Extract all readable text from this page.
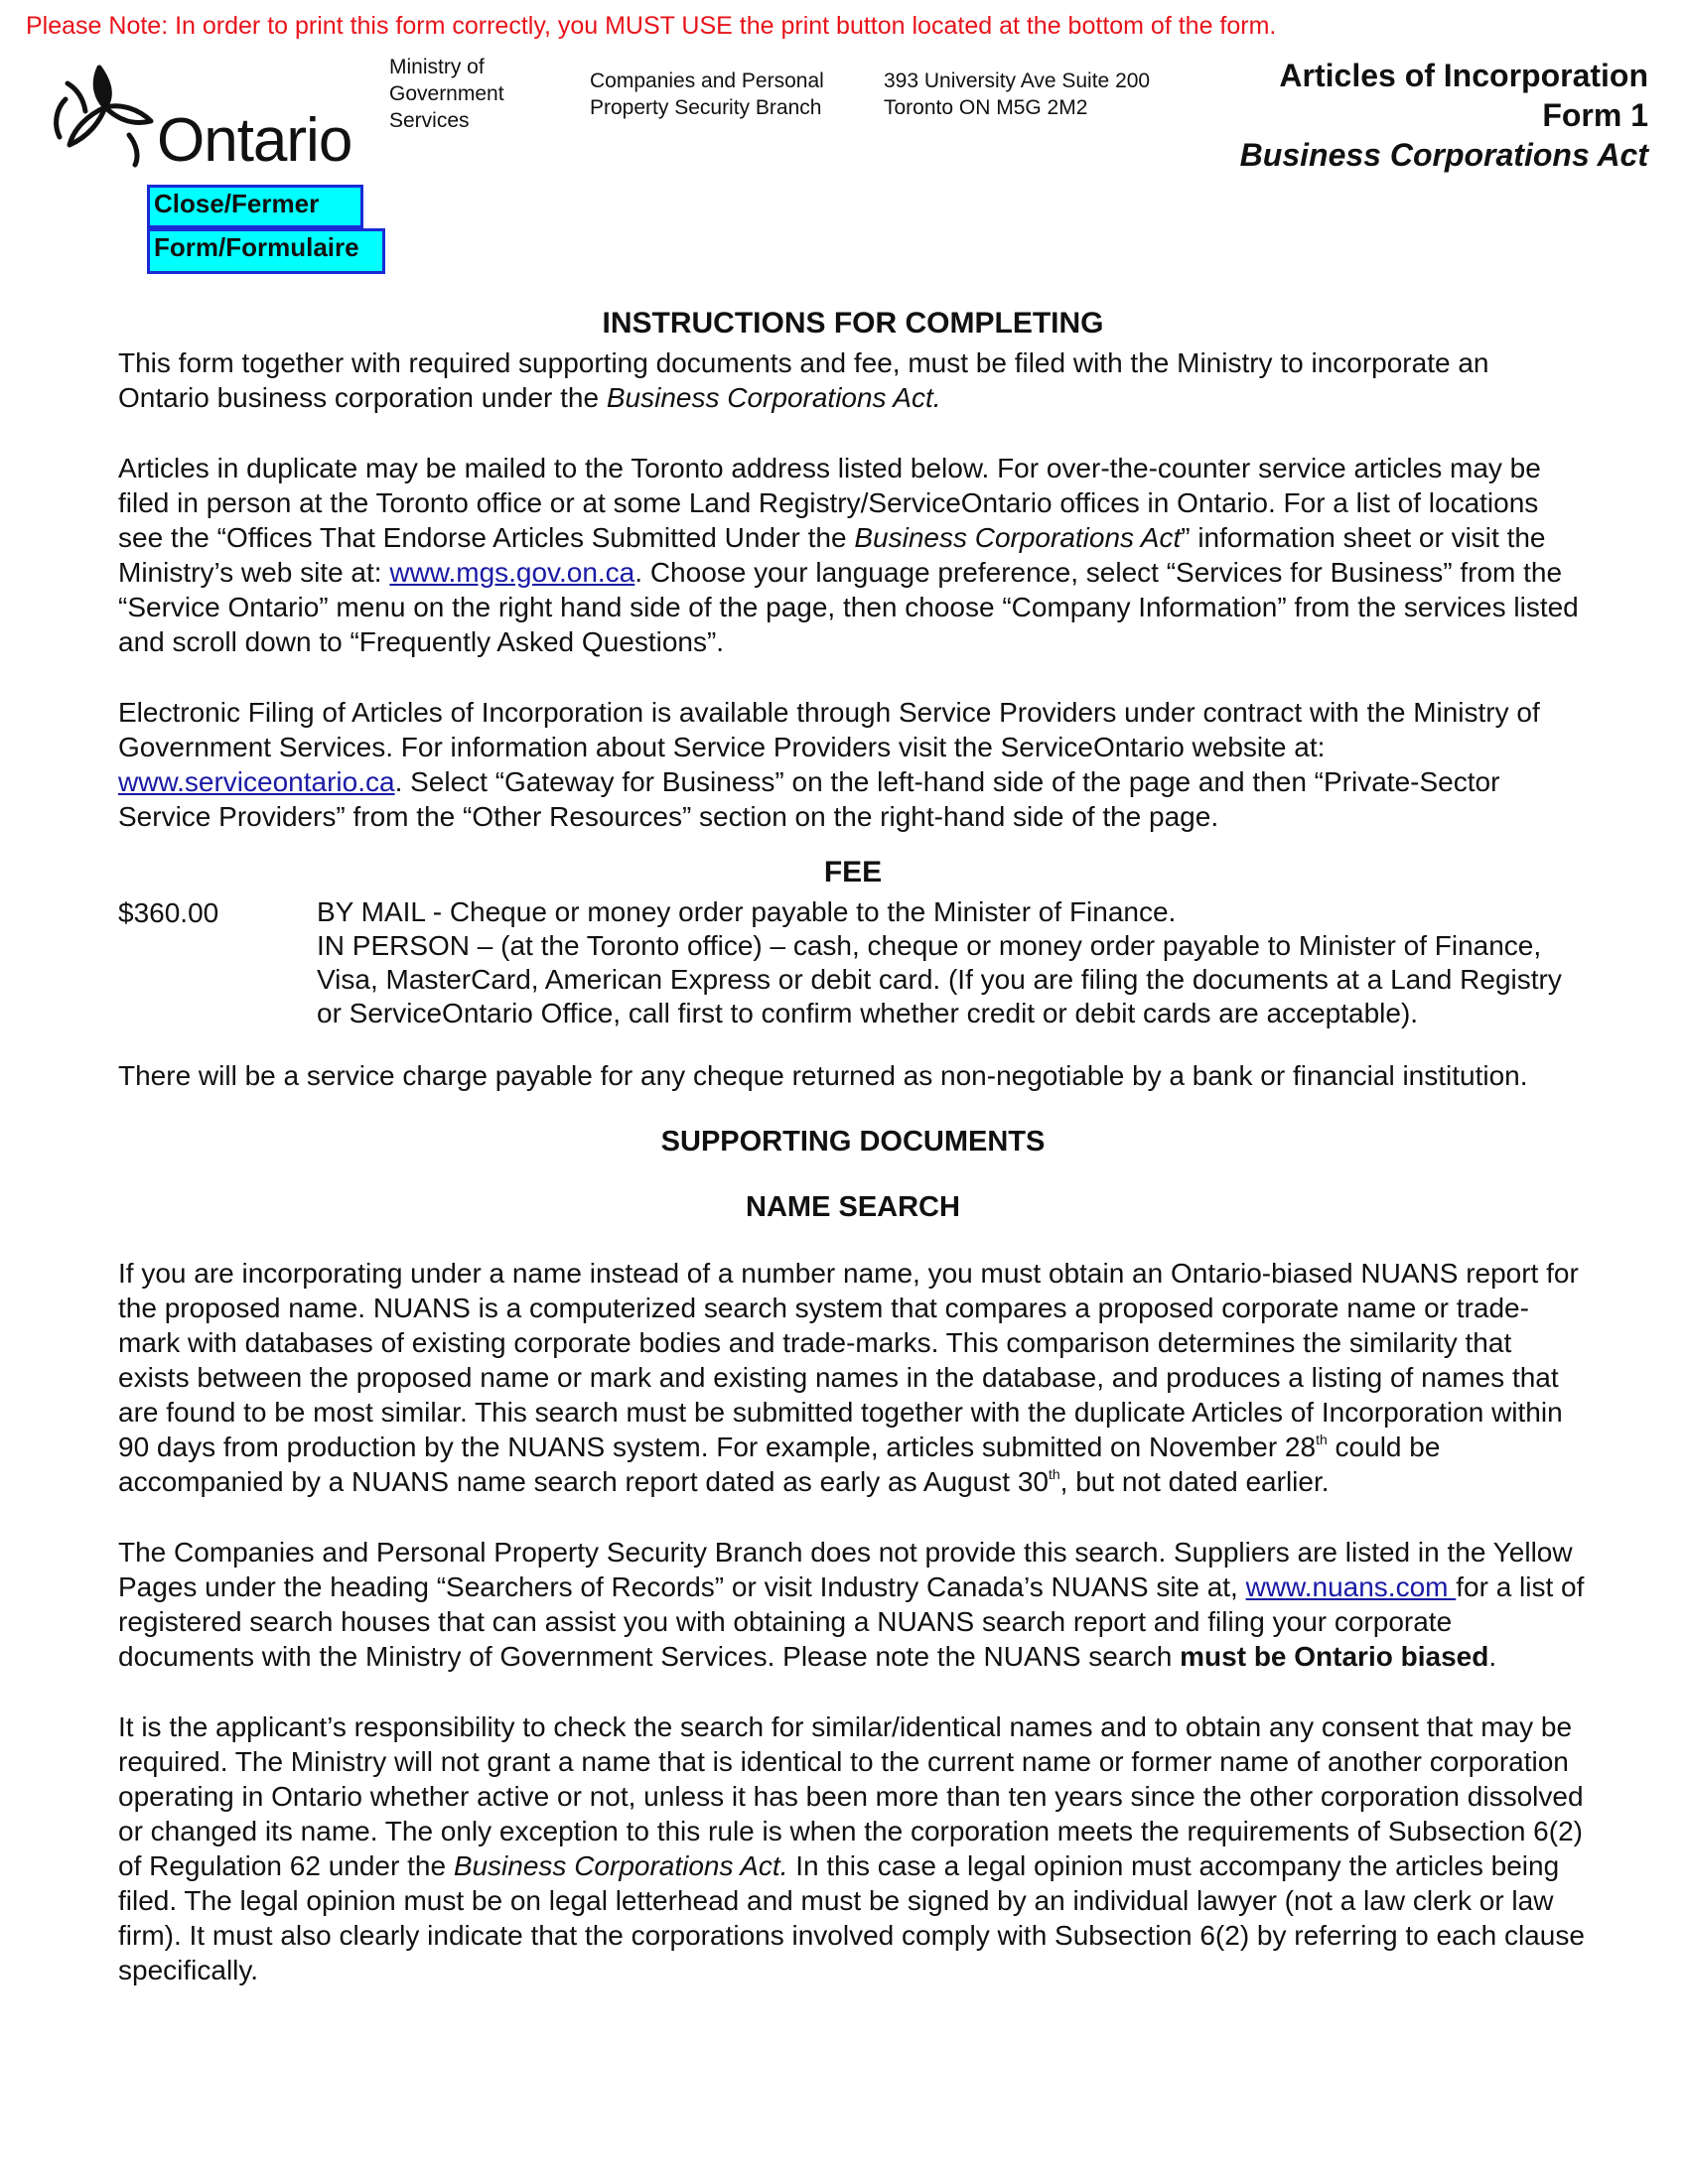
Please Note: In order to print this form correctly, you MUST USE the print button located at the bottom of the form.
Ontario
Ministry of
Government
Services
Companies and Personal
Property Security Branch
393 University Ave Suite 200
Toronto ON M5G 2M2
Articles of Incorporation
Form 1
Business Corporations Act
Close/Fermer
Form/Formulaire
INSTRUCTIONS FOR COMPLETING

This form together with required supporting documents and fee, must be filed with the Ministry to incorporate an Ontario business corporation under the Business Corporations Act.

Articles in duplicate may be mailed to the Toronto address listed below. For over-the-counter service articles may be filed in person at the Toronto office or at some Land Registry/ServiceOntario offices in Ontario. For a list of locations see the “Offices That Endorse Articles Submitted Under the Business Corporations Act” information sheet or visit the Ministry’s web site at: www.mgs.gov.on.ca. Choose your language preference, select “Services for Business” from the “Service Ontario” menu on the right hand side of the page, then choose “Company Information” from the services listed and scroll down to “Frequently Asked Questions”.

Electronic Filing of Articles of Incorporation is available through Service Providers under contract with the Ministry of Government Services. For information about Service Providers visit the ServiceOntario website at: www.serviceontario.ca. Select “Gateway for Business” on the left-hand side of the page and then “Private-Sector Service Providers” from the “Other Resources” section on the right-hand side of the page.

FEE
$360.00	BY MAIL - Cheque or money order payable to the Minister of Finance.
IN PERSON – (at the Toronto office) – cash, cheque or money order payable to Minister of Finance, Visa, MasterCard, American Express or debit card. (If you are filing the documents at a Land Registry or ServiceOntario Office, call first to confirm whether credit or debit cards are acceptable).

There will be a service charge payable for any cheque returned as non-negotiable by a bank or financial institution.

SUPPORTING DOCUMENTS
NAME SEARCH

If you are incorporating under a name instead of a number name, you must obtain an Ontario-biased NUANS report for the proposed name. NUANS is a computerized search system that compares a proposed corporate name or trade-mark with databases of existing corporate bodies and trade-marks. This comparison determines the similarity that exists between the proposed name or mark and existing names in the database, and produces a listing of names that are found to be most similar. This search must be submitted together with the duplicate Articles of Incorporation within 90 days from production by the NUANS system. For example, articles submitted on November 28th could be accompanied by a NUANS name search report dated as early as August 30th, but not dated earlier.

The Companies and Personal Property Security Branch does not provide this search. Suppliers are listed in the Yellow Pages under the heading “Searchers of Records” or visit Industry Canada’s NUANS site at, www.nuans.com for a list of registered search houses that can assist you with obtaining a NUANS search report and filing your corporate documents with the Ministry of Government Services. Please note the NUANS search must be Ontario biased.

It is the applicant’s responsibility to check the search for similar/identical names and to obtain any consent that may be required. The Ministry will not grant a name that is identical to the current name or former name of another corporation operating in Ontario whether active or not, unless it has been more than ten years since the other corporation dissolved or changed its name. The only exception to this rule is when the corporation meets the requirements of Subsection 6(2) of Regulation 62 under the Business Corporations Act. In this case a legal opinion must accompany the articles being filed. The legal opinion must be on legal letterhead and must be signed by an individual lawyer (not a law clerk or law firm). It must also clearly indicate that the corporations involved comply with Subsection 6(2) by referring to each clause specifically.
